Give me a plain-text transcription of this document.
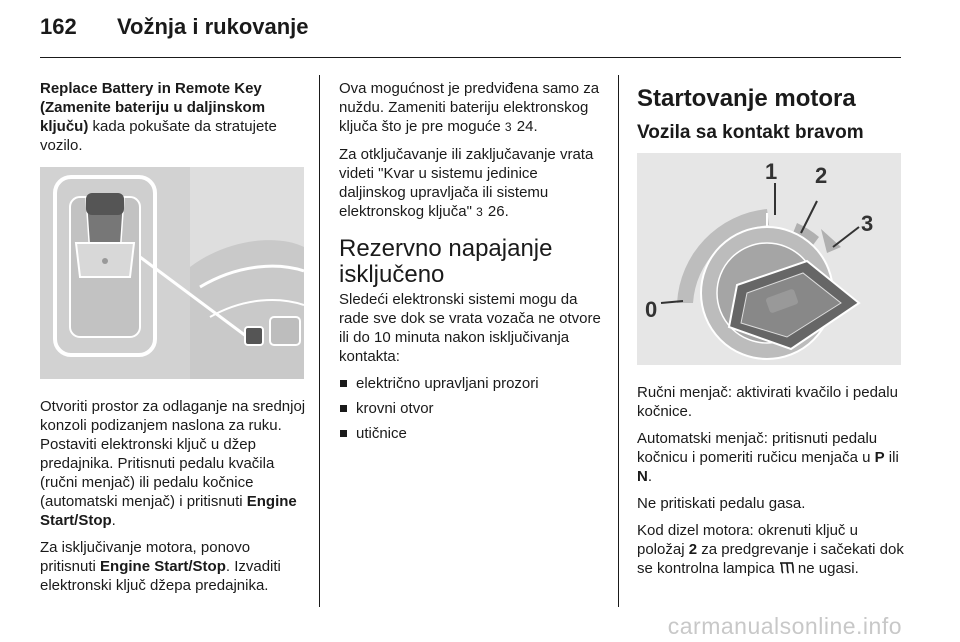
162 Vožnja i rukovanje

Replace Battery in Remote Key (Zamenite bateriju u daljinskom ključu) kada pokušate da stratujete vozilo.

Otvoriti prostor za odlaganje na srednjoj konzoli podizanjem naslona za ruku. Postaviti elektronski ključ u džep predajnika. Pritisnuti pedalu kvačila (ručni menjač) ili pedalu kočnice (automatski menjač) i pritisnuti Engine Start/Stop.

Za isključivanje motora, ponovo pritisnuti Engine Start/Stop. Izvaditi elektronski ključ džepa predajnika.

Ova mogućnost je predviđena samo za nuždu. Zameniti bateriju elektronskog ključa što je pre moguće 3 24.

Za otključavanje ili zaključavanje vrata videti "Kvar u sistemu jedinice daljinskog upravljača ili sistemu elektronskog ključa" 3 26.

Rezervno napajanje isključeno

Sledeći elektronski sistemi mogu da rade sve dok se vrata vozača ne otvore ili do 10 minuta nakon isključivanja kontakta:

električno upravljani prozori
krovni otvor
utičnice
Startovanje motora
Vozila sa kontakt bravom
1 2
3
0

Ručni menjač: aktivirati kvačilo i pedalu kočnice.

Automatski menjač: pritisnuti pedalu kočnicu i pomeriti ručicu menjača u P ili N.

Ne pritiskati pedalu gasa.

Kod dizel motora: okrenuti ključ u položaj 2 za predgrevanje i sačekati dok se kontrolna lampica  ne ugasi.

carmanualsonline.info
